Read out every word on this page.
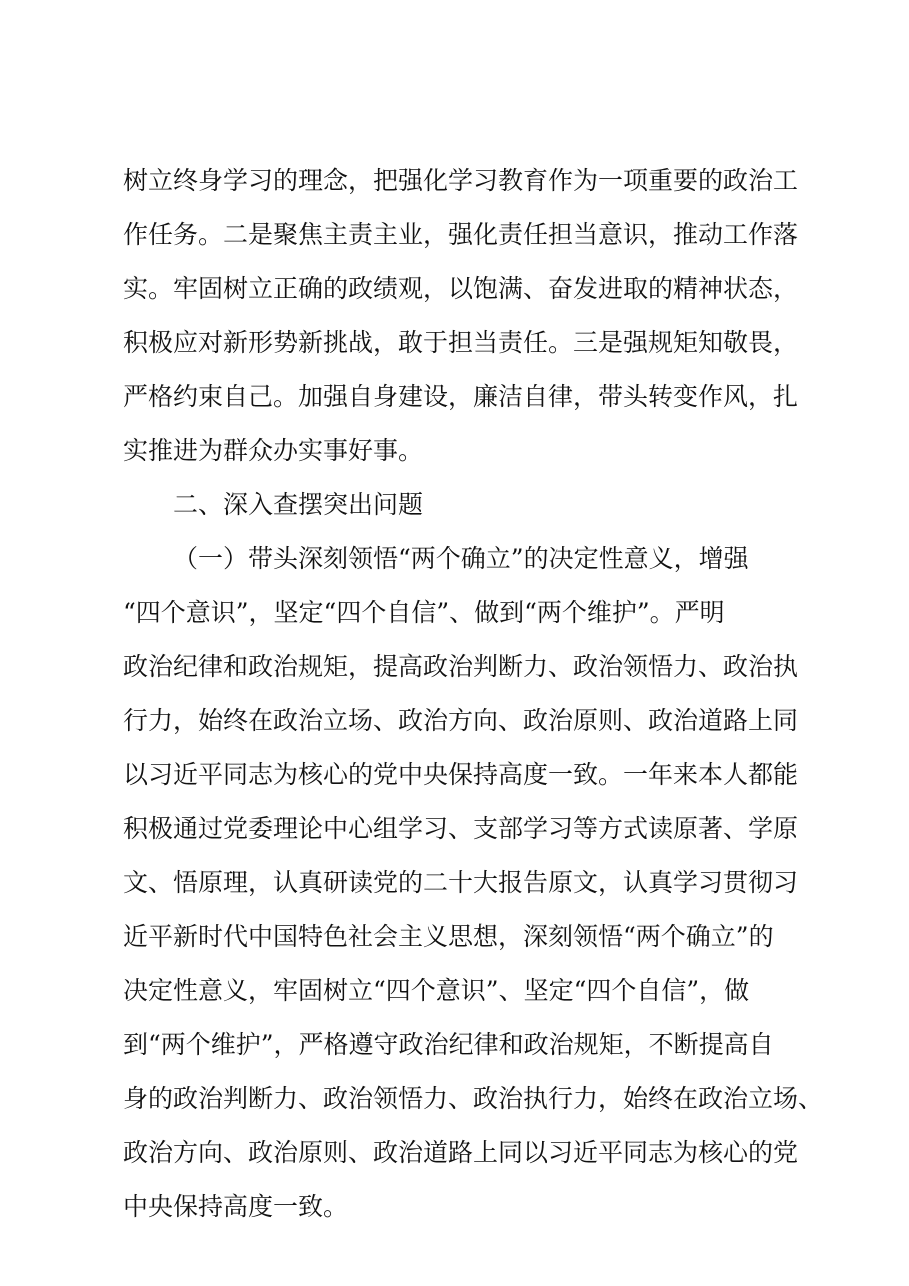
树立终身学习的理念，把强化学习教育作为一项重要的政治工
作任务。二是聚焦主责主业，强化责任担当意识，推动工作落
实。牢固树立正确的政绩观，以饱满、奋发进取的精神状态，
积极应对新形势新挑战，敢于担当责任。三是强规矩知敬畏，
严格约束自己。加强自身建设，廉洁自律，带头转变作风，扎
实推进为群众办实事好事。
二、深入查摆突出问题
（一）带头深刻领悟“两个确立”的决定性意义，增强
“四个意识”，坚定“四个自信”、做到“两个维护”。严明
政治纪律和政治规矩，提高政治判断力、政治领悟力、政治执
行力，始终在政治立场、政治方向、政治原则、政治道路上同
以习近平同志为核心的党中央保持高度一致。一年来本人都能
积极通过党委理论中心组学习、支部学习等方式读原著、学原
文、悟原理，认真研读党的二十大报告原文，认真学习贯彻习
近平新时代中国特色社会主义思想，深刻领悟“两个确立”的
决定性意义，牢固树立“四个意识”、坚定“四个自信”，做
到“两个维护”，严格遵守政治纪律和政治规矩，不断提高自
身的政治判断力、政治领悟力、政治执行力，始终在政治立场、
政治方向、政治原则、政治道路上同以习近平同志为核心的党
中央保持高度一致。
